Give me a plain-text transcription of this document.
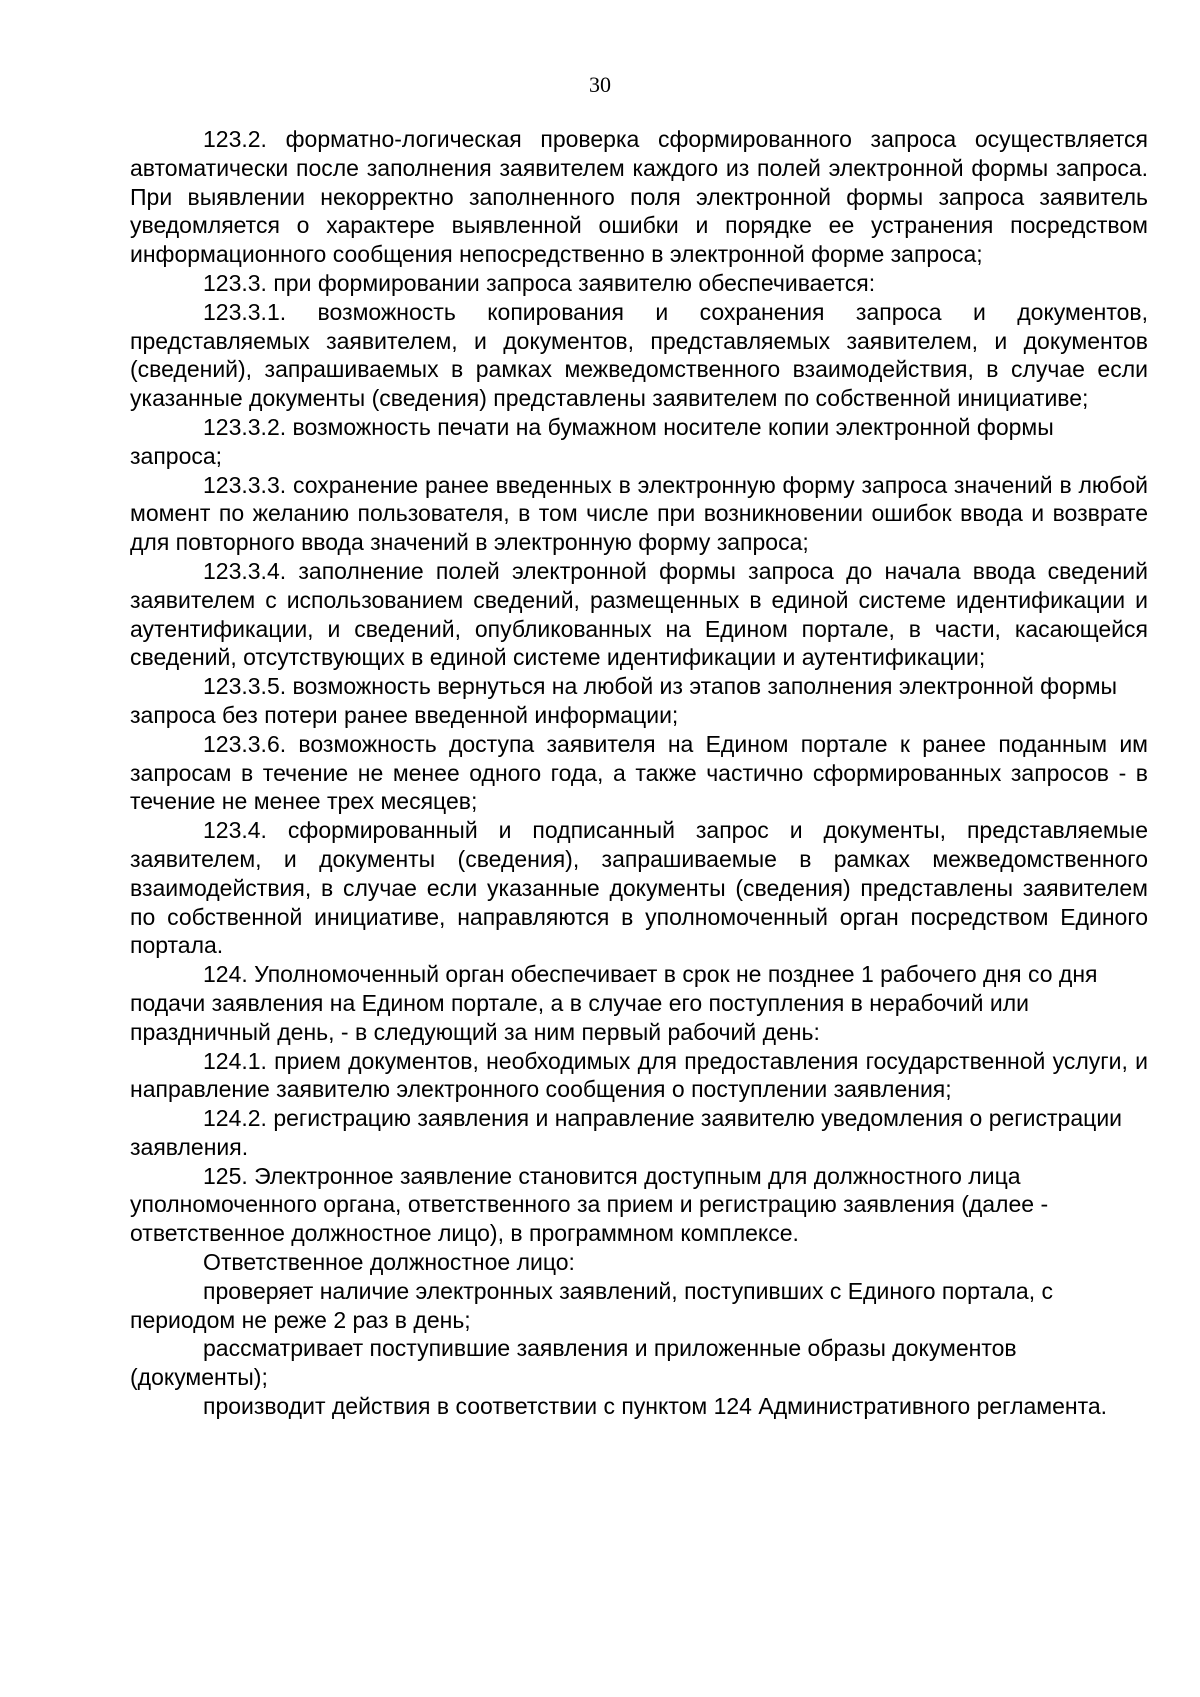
30

123.2. форматно-логическая проверка сформированного запроса осуществляется автоматически после заполнения заявителем каждого из полей электронной формы запроса. При выявлении некорректно заполненного поля электронной формы запроса заявитель уведомляется о характере выявленной ошибки и порядке ее устранения посредством информационного сообщения непосредственно в электронной форме запроса;

123.3. при формировании запроса заявителю обеспечивается:

123.3.1. возможность копирования и сохранения запроса и документов, представляемых заявителем, и документов, представляемых заявителем, и документов (сведений), запрашиваемых в рамках межведомственного взаимодействия, в случае если указанные документы (сведения) представлены заявителем по собственной инициативе;

123.3.2. возможность печати на бумажном носителе копии электронной формы запроса;

123.3.3. сохранение ранее введенных в электронную форму запроса значений в любой момент по желанию пользователя, в том числе при возникновении ошибок ввода и возврате для повторного ввода значений в электронную форму запроса;

123.3.4. заполнение полей электронной формы запроса до начала ввода сведений заявителем с использованием сведений, размещенных в единой системе идентификации и аутентификации, и сведений, опубликованных на Едином портале, в части, касающейся сведений, отсутствующих в единой системе идентификации и аутентификации;

123.3.5. возможность вернуться на любой из этапов заполнения электронной формы запроса без потери ранее введенной информации;

123.3.6. возможность доступа заявителя на Едином портале к ранее поданным им запросам в течение не менее одного года, а также частично сформированных запросов - в течение не менее трех месяцев;

123.4. сформированный и подписанный запрос и документы, представляемые заявителем, и документы (сведения), запрашиваемые в рамках межведомственного взаимодействия, в случае если указанные документы (сведения) представлены заявителем по собственной инициативе, направляются в уполномоченный орган посредством Единого портала.

124. Уполномоченный орган обеспечивает в срок не позднее 1 рабочего дня со дня подачи заявления на Едином портале, а в случае его поступления в нерабочий или праздничный день, - в следующий за ним первый рабочий день:

124.1. прием документов, необходимых для предоставления государственной услуги, и направление заявителю электронного сообщения о поступлении заявления;

124.2. регистрацию заявления и направление заявителю уведомления о регистрации заявления.

125. Электронное заявление становится доступным для должностного лица уполномоченного органа, ответственного за прием и регистрацию заявления (далее - ответственное должностное лицо), в программном комплексе.

Ответственное должностное лицо:

проверяет наличие электронных заявлений, поступивших с Единого портала, с периодом не реже 2 раз в день;

рассматривает поступившие заявления и приложенные образы документов (документы);

производит действия в соответствии с пунктом 124 Административного регламента.
